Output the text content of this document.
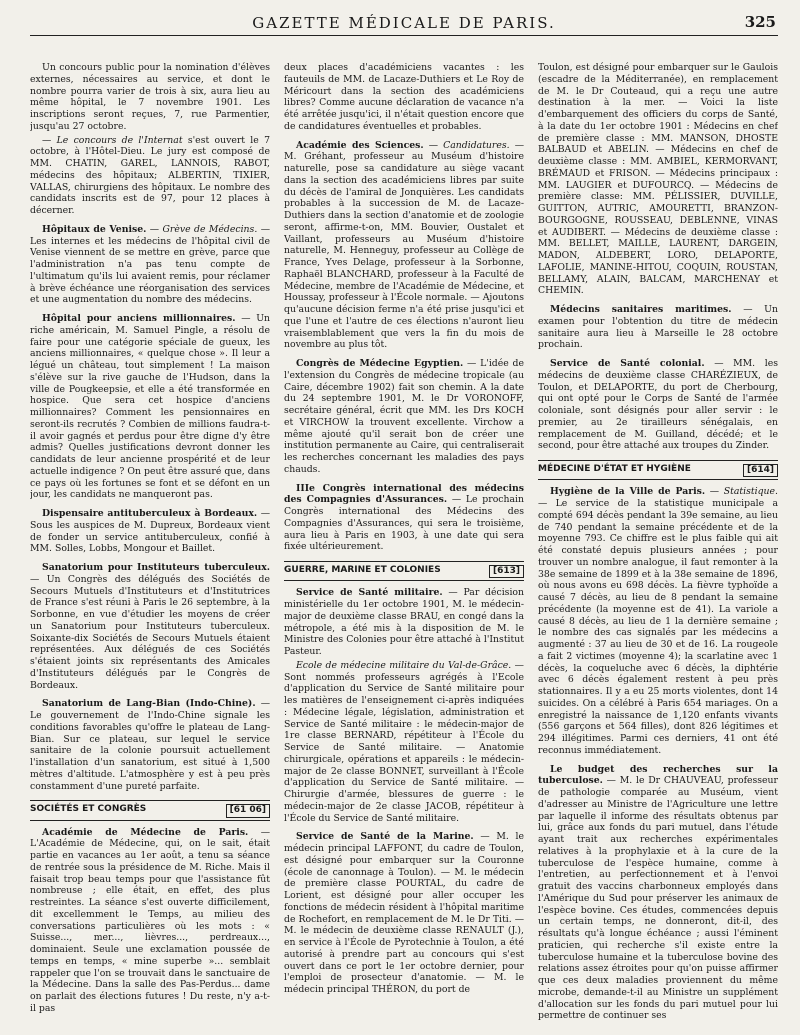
GAZETTE MÉDICALE DE PARIS.	325

Un concours public pour la nomination d'élèves externes, nécessaires au service, et dont le nombre pourra varier de trois à six, aura lieu au même hôpital, le 7 novembre 1901. Les inscriptions seront reçues, 7, rue Parmentier, jusqu'au 27 octobre.

— Le concours de l'Internat s'est ouvert le 7 octobre, à l'Hôtel-Dieu. Le jury est composé de MM. CHATIN, GAREL, LANNOIS, RABOT, médecins des hôpitaux; ALBERTIN, TIXIER, VALLAS, chirurgiens des hôpitaux. Le nombre des candidats inscrits est de 97, pour 12 places à décerner.

Hôpitaux de Venise. — Grève de Médecins. — Les internes et les médecins de l'hôpital civil de Venise viennent de se mettre en grève, parce que l'administration n'a pas tenu compte de l'ultimatum qu'ils lui avaient remis, pour réclamer à brève échéance une réorganisation des services et une augmentation du nombre des médecins.

Hôpital pour anciens millionnaires. — Un riche américain, M. Samuel Pingle, a résolu de faire pour une catégorie spéciale de gueux, les anciens millionnaires, « quelque chose ». Il leur a légué un château, tout simplement ! La maison s'élève sur la rive gauche de l'Hudson, dans la ville de Pougkeepsie, et elle a été transformée en hospice. Que sera cet hospice d'anciens millionnaires? Comment les pensionnaires en seront-ils recrutés ? Combien de millions faudra-t-il avoir gagnés et perdus pour être digne d'y être admis? Quelles justifications devront donner les candidats de leur ancienne prospérité et de leur actuelle indigence ? On peut être assuré que, dans ce pays où les fortunes se font et se défont en un jour, les candidats ne manqueront pas.

Dispensaire antituberculeux à Bordeaux. — Sous les auspices de M. Dupreux, Bordeaux vient de fonder un service antituberculeux, confié à MM. Solles, Lobbs, Mongour et Baillet.

Sanatorium pour Instituteurs tuberculeux. — Un Congrès des délégués des Sociétés de Secours Mutuels d'Instituteurs et d'Institutrices de France s'est réuni à Paris le 26 septembre, à la Sorbonne, en vue d'étudier les moyens de créer un Sanatorium pour Instituteurs tuberculeux. Soixante-dix Sociétés de Secours Mutuels étaient représentées. Aux délégués de ces Sociétés s'étaient joints six représentants des Amicales d'Instituteurs délégués par le Congrès de Bordeaux.

Sanatorium de Lang-Bian (Indo-Chine). — Le gouvernement de l'Indo-Chine signale les conditions favorables qu'offre le plateau de Lang-Bian. Sur ce plateau, sur lequel le service sanitaire de la colonie poursuit actuellement l'installation d'un sanatorium, est situé à 1,500 mètres d'altitude. L'atmosphère y est à peu près constamment d'une pureté parfaite.

SOCIÉTÉS ET CONGRÈS	[61 06]

Académie de Médecine de Paris. — L'Académie de Médecine, qui, on le sait, était partie en vacances au 1er août, a tenu sa séance de rentrée sous la présidence de M. Riche. Mais il faisait trop beau temps pour que l'assistance fût nombreuse ; elle était, en effet, des plus restreintes. La séance s'est ouverte difficilement, dit excellemment le Temps, au milieu des conversations particulières où les mots : « Suisse..., mer..., lièvres..., perdreaux..., dominaient. Seule une exclamation poussée de temps en temps, « mine superbe »... semblait rappeler que l'on se trouvait dans le sanctuaire de la Médecine. Dans la salle des Pas-Perdus... dame on parlait des élections futures ! Du reste, n'y a-t-il pas

deux places d'académiciens vacantes : les fauteuils de MM. de Lacaze-Duthiers et Le Roy de Méricourt dans la section des académiciens libres? Comme aucune déclaration de vacance n'a été arrêtée jusqu'ici, il n'était question encore que de candidatures éventuelles et probables.

Académie des Sciences. — Candidatures. — M. Gréhant, professeur au Muséum d'histoire naturelle, pose sa candidature au siège vacant dans la section des académiciens libres par suite du décès de l'amiral de Jonquières. Les candidats probables à la succession de M. de Lacaze-Duthiers dans la section d'anatomie et de zoologie seront, affirme-t-on, MM. Bouvier, Oustalet et Vaillant, professeurs au Muséum d'histoire naturelle, M. Henneguy, professeur au Collège de France, Yves Delage, professeur à la Sorbonne, Raphaël BLANCHARD, professeur à la Faculté de Médecine, membre de l'Académie de Médecine, et Houssay, professeur à l'École normale. — Ajoutons qu'aucune décision ferme n'a été prise jusqu'ici et que l'une et l'autre de ces élections n'auront lieu vraisemblablement que vers la fin du mois de novembre au plus tôt.

Congrès de Médecine Egyptien. — L'idée de l'extension du Congrès de médecine tropicale (au Caire, décembre 1902) fait son chemin. A la date du 24 septembre 1901, M. le Dr VORONOFF, secrétaire général, écrit que MM. les Drs KOCH et VIRCHOW la trouvent excellente. Virchow a même ajouté qu'il serait bon de créer une institution permanente au Caire, qui centraliserait les recherches concernant les maladies des pays chauds.

IIIe Congrès international des médecins des Compagnies d'Assurances. — Le prochain Congrès international des Médecins des Compagnies d'Assurances, qui sera le troisième, aura lieu à Paris en 1903, à une date qui sera fixée ultérieurement.

GUERRE, MARINE ET COLONIES	[613]

Service de Santé militaire. — Par décision ministérielle du 1er octobre 1901, M. le médecin-major de deuxième classe BRAU, en congé dans la métropole, a été mis à la disposition de M. le Ministre des Colonies pour être attaché à l'Institut Pasteur.

Ecole de médecine militaire du Val-de-Grâce. — Sont nommés professeurs agrégés à l'Ecole d'application du Service de Santé militaire pour les matières de l'enseignement ci-après indiquées : Médecine légale, législation, administration et Service de Santé militaire : le médecin-major de 1re classe BERNARD, répétiteur à l'École du Service de Santé militaire. — Anatomie chirurgicale, opérations et appareils : le médecin-major de 2e classe BONNET, surveillant à l'École d'application du Service de Santé militaire. — Chirurgie d'armée, blessures de guerre : le médecin-major de 2e classe JACOB, répétiteur à l'École du Service de Santé militaire.

Service de Santé de la Marine. — M. le médecin principal LAFFONT, du cadre de Toulon, est désigné pour embarquer sur la Couronne (école de canonnage à Toulon). — M. le médecin de première classe POURTAL, du cadre de Lorient, est désigné pour aller occuper les fonctions de médecin résident à l'hôpital maritime de Rochefort, en remplacement de M. le Dr Titi. — M. le médecin de deuxième classe RENAULT (J.), en service à l'École de Pyrotechnie à Toulon, a été autorisé à prendre part au concours qui s'est ouvert dans ce port le 1er octobre dernier, pour l'emploi de prosecteur d'anatomie. — M. le médecin principal THÉRON, du port de

Toulon, est désigné pour embarquer sur le Gaulois (escadre de la Méditerranée), en remplacement de M. le Dr Couteaud, qui a reçu une autre destination à la mer. — Voici la liste d'embarquement des officiers du corps de Santé, à la date du 1er octobre 1901 : Médecins en chef de première classe : MM. MANSON, DHOSTE BALBAUD et ABELIN. — Médecins en chef de deuxième classe : MM. AMBIEL, KERMORVANT, BRÉMAUD et FRISON. — Médecins principaux : MM. LAUGIER et DUFOURCQ. — Médecins de première classe: MM. PÉLISSIER, DUVILLE, GUITTON, AUTRIC, AMOURETTI, BRANZON-BOURGOGNE, ROUSSEAU, DEBLENNE, VINAS et AUDIBERT. — Médecins de deuxième classe : MM. BELLET, MAILLE, LAURENT, DARGEIN, MADON, ALDEBERT, LORO, DELAPORTE, LAFOLIE, MANINE-HITOU, COQUIN, ROUSTAN, BELLAMY, ALAIN, BALCAM, MARCHENAY et CHEMIN.

Médecins sanitaires maritimes. — Un examen pour l'obtention du titre de médecin sanitaire aura lieu à Marseille le 28 octobre prochain.

Service de Santé colonial. — MM. les médecins de deuxième classe CHARÉZIEUX, de Toulon, et DELAPORTE, du port de Cherbourg, qui ont opté pour le Corps de Santé de l'armée coloniale, sont désignés pour aller servir : le premier, au 2e tirailleurs sénégalais, en remplacement de M. Guilland, décédé; et le second, pour être attaché aux troupes du Zinder.

MÉDECINE D'ÉTAT ET HYGIÈNE	[614]

Hygiène de la Ville de Paris. — Statistique. — Le service de la statistique municipale a compté 694 décès pendant la 39e semaine, au lieu de 740 pendant la semaine précédente et de la moyenne 793. Ce chiffre est le plus faible qui ait été constaté depuis plusieurs années ; pour trouver un nombre analogue, il faut remonter à la 38e semaine de 1899 et à la 38e semaine de 1896, où nous avons eu 698 décès. La fièvre typhoïde a causé 7 décès, au lieu de 8 pendant la semaine précédente (la moyenne est de 41). La variole a causé 8 décès, au lieu de 1 la dernière semaine ; le nombre des cas signalés par les médecins a augmenté : 37 au lieu de 30 et de 16. La rougeole a fait 2 victimes (moyenne 4); la scarlatine avec 1 décès, la coqueluche avec 6 décès, la diphtérie avec 6 décès également restent à peu près stationnaires. Il y a eu 25 morts violentes, dont 14 suicides. On a célébré à Paris 654 mariages. On a enregistré la naissance de 1,120 enfants vivants (556 garçons et 564 filles), dont 826 légitimes et 294 illégitimes. Parmi ces derniers, 41 ont été reconnus immédiatement.

Le budget des recherches sur la tuberculose. — M. le Dr CHAUVEAU, professeur de pathologie comparée au Muséum, vient d'adresser au Ministre de l'Agriculture une lettre par laquelle il informe des résultats obtenus par lui, grâce aux fonds du pari mutuel, dans l'étude ayant trait aux recherches expérimentales relatives à la prophylaxie et à la cure de la tuberculose de l'espèce humaine, comme à l'entretien, au perfectionnement et à l'envoi gratuit des vaccins charbonneux employés dans l'Amérique du Sud pour préserver les animaux de l'espèce bovine. Ces études, commencées depuis un certain temps, ne donneront, dit-il, des résultats qu'à longue échéance ; aussi l'éminent praticien, qui recherche s'il existe entre la tuberculose humaine et la tuberculose bovine des relations assez étroites pour qu'on puisse affirmer que ces deux maladies proviennent du même microbe, demande-t-il au Ministre un supplément d'allocation sur les fonds du pari mutuel pour lui permettre de continuer ses
